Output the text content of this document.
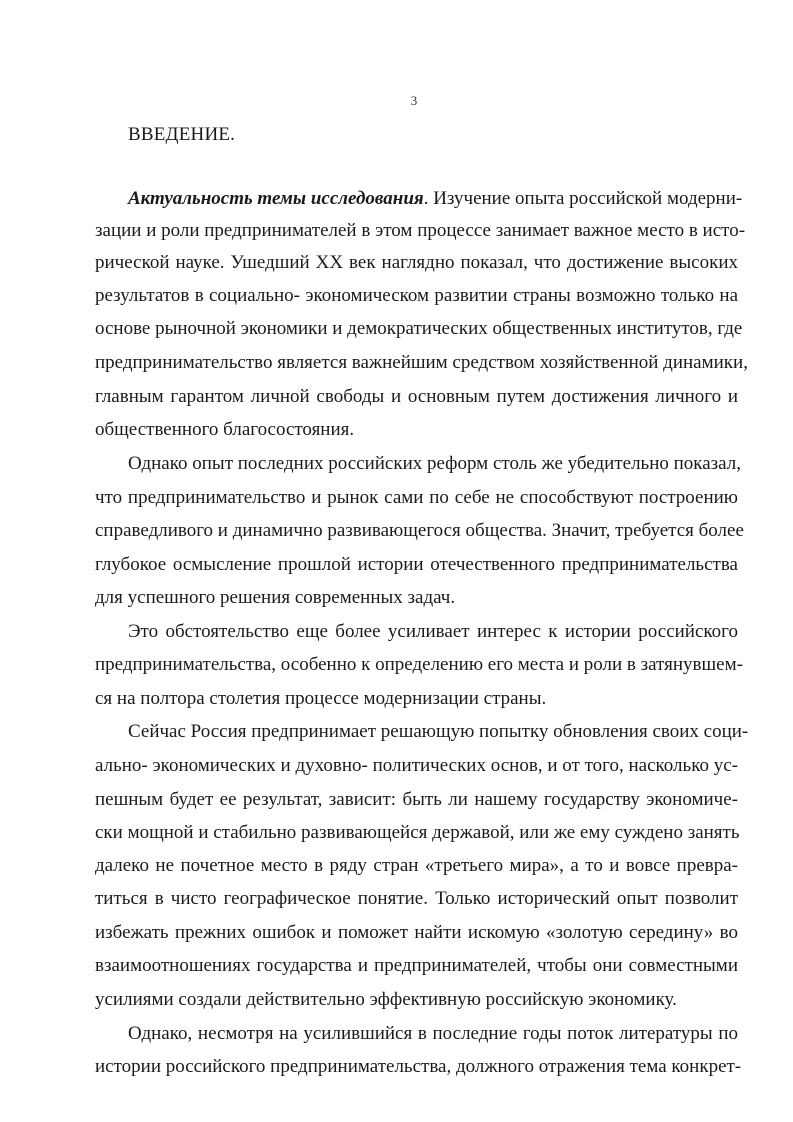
3
ВВЕДЕНИЕ.
Актуальность темы исследования. Изучение опыта российской модерни-
зации и роли предпринимателей в этом процессе занимает важное место в исто-
рической науке. Ушедший XX век наглядно показал, что достижение высоких
результатов в социально- экономическом развитии страны возможно только на
основе рыночной экономики и демократических общественных институтов, где
предпринимательство является важнейшим средством хозяйственной динамики,
главным гарантом личной свободы и основным путем достижения личного и
общественного благосостояния.
Однако опыт последних российских реформ столь же убедительно показал,
что предпринимательство и рынок сами по себе не способствуют построению
справедливого и динамично развивающегося общества. Значит, требуется более
глубокое осмысление прошлой истории отечественного предпринимательства
для успешного решения современных задач.
Это обстоятельство еще более усиливает интерес к истории российского
предпринимательства, особенно к определению его места и роли в затянувшем-
ся на полтора столетия процессе модернизации страны.
Сейчас Россия предпринимает решающую попытку обновления своих соци-
ально- экономических и духовно- политических основ, и от того, насколько ус-
пешным будет ее результат, зависит: быть ли нашему государству экономиче-
ски мощной и стабильно развивающейся державой, или же ему суждено занять
далеко не почетное место в ряду стран «третьего мира», а то и вовсе превра-
титься в чисто географическое понятие. Только исторический опыт позволит
избежать прежних ошибок и поможет найти искомую «золотую середину» во
взаимоотношениях государства и предпринимателей, чтобы они совместными
усилиями создали действительно эффективную российскую экономику.
Однако, несмотря на усилившийся в последние годы поток литературы по
истории российского предпринимательства, должного отражения тема конкрет-
